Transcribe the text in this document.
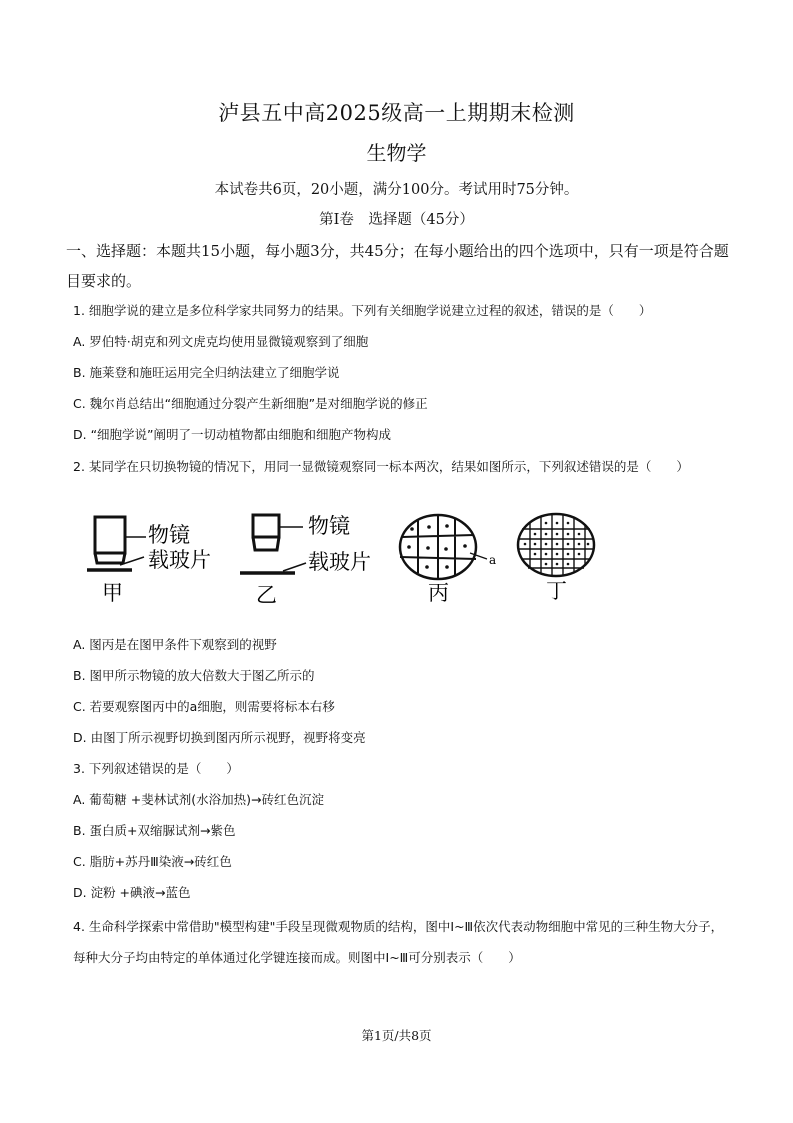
泸县五中高2025级高一上期期末检测
生物学
本试卷共6页，20小题，满分100分。考试用时75分钟。
第Ⅰ卷　选择题（45分）
一、选择题：本题共15小题，每小题3分，共45分；在每小题给出的四个选项中，只有一项是符合题目要求的。
1. 细胞学说的建立是多位科学家共同努力的结果。下列有关细胞学说建立过程的叙述，错误的是（　　）
A. 罗伯特·胡克和列文虎克均使用显微镜观察到了细胞
B. 施莱登和施旺运用完全归纳法建立了细胞学说
C. 魏尔肖总结出“细胞通过分裂产生新细胞”是对细胞学说的修正
D. “细胞学说”阐明了一切动植物都由细胞和细胞产物构成
2. 某同学在只切换物镜的情况下，用同一显微镜观察同一标本两次，结果如图所示，下列叙述错误的是（　　）
物镜
载玻片
甲
物镜
载玻片
乙
a
丙	丁
A. 图丙是在图甲条件下观察到的视野
B. 图甲所示物镜的放大倍数大于图乙所示的
C. 若要观察图丙中的a细胞，则需要将标本右移
D. 由图丁所示视野切换到图丙所示视野，视野将变亮
3. 下列叙述错误的是（　　）
A. 葡萄糖 +斐林试剂(水浴加热)→砖红色沉淀
B. 蛋白质+双缩脲试剂→紫色
C. 脂肪+苏丹Ⅲ染液→砖红色
D. 淀粉 +碘液→蓝色
4. 生命科学探索中常借助"模型构建"手段呈现微观物质的结构，图中Ⅰ~Ⅲ依次代表动物细胞中常见的三种生物大分子，每种大分子均由特定的单体通过化学键连接而成。则图中Ⅰ~Ⅲ可分别表示（　　）
第1页/共8页
